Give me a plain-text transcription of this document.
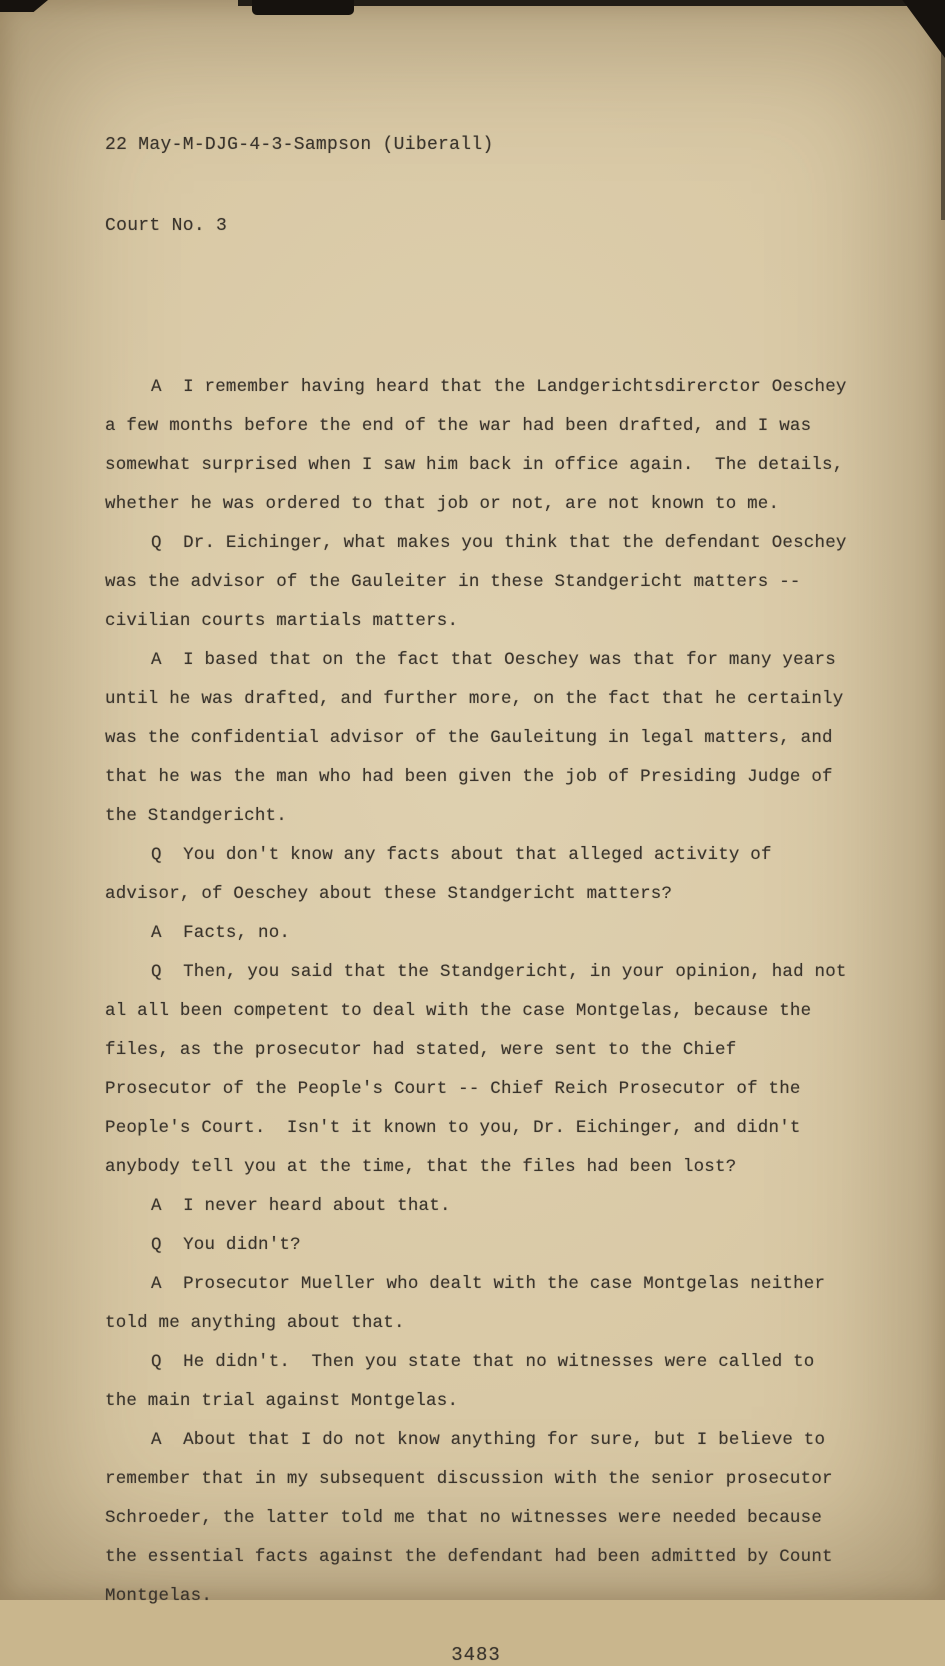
22 May-M-DJG-4-3-Sampson (Uiberall)

Court No. 3

A  I remember having heard that the Landgerichtsdirerctor Oeschey a few months before the end of the war had been drafted, and I was somewhat surprised when I saw him back in office again.  The details, whether he was ordered to that job or not, are not known to me.

Q  Dr. Eichinger, what makes you think that the defendant Oeschey was the advisor of the Gauleiter in these Standgericht matters -- civilian courts martials matters.

A  I based that on the fact that Oeschey was that for many years until he was drafted, and further more, on the fact that he certainly was the confidential advisor of the Gauleitung in legal matters, and that he was the man who had been given the job of Presiding Judge of the Standgericht.

Q  You don't know any facts about that alleged activity of advisor, of Oeschey about these Standgericht matters?

A  Facts, no.

Q  Then, you said that the Standgericht, in your opinion, had not al all been competent to deal with the case Montgelas, because the files, as the prosecutor had stated, were sent to the Chief Prosecutor of the People's Court -- Chief Reich Prosecutor of the People's Court.  Isn't it known to you, Dr. Eichinger, and didn't anybody tell you at the time, that the files had been lost?

A  I never heard about that.

Q  You didn't?

A  Prosecutor Mueller who dealt with the case Montgelas neither told me anything about that.

Q  He didn't.  Then you state that no witnesses were called to the main trial against Montgelas.

A  About that I do not know anything for sure, but I believe to remember that in my subsequent discussion with the senior prosecutor Schroeder, the latter told me that no witnesses were needed because the essential facts against the defendant had been admitted by Count Montgelas.

3483
